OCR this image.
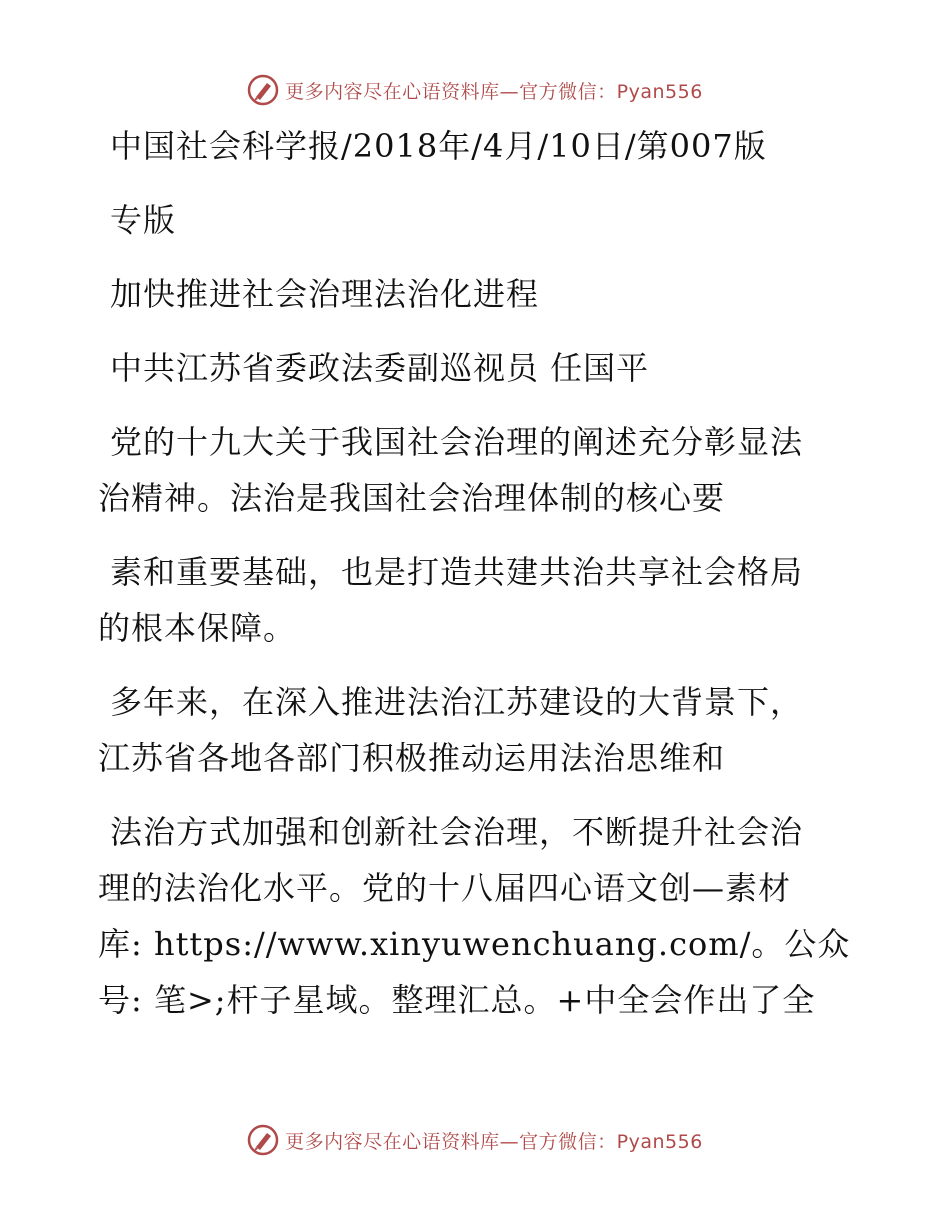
更多内容尽在心语资料库—官方微信：Pyan556
中国社会科学报/2018年/4月/10日/第007版
专版
加快推进社会治理法治化进程
中共江苏省委政法委副巡视员 任国平
党的十九大关于我国社会治理的阐述充分彰显法
治精神。法治是我国社会治理体制的核心要
素和重要基础，也是打造共建共治共享社会格局
的根本保障。
多年来，在深入推进法治江苏建设的大背景下，
江苏省各地各部门积极推动运用法治思维和
法治方式加强和创新社会治理，不断提升社会治
理的法治化水平。党的十八届四心语文创—素材
库: https://www.xinyuwenchuang.com/。公众
号: 笔>;杆子星域。整理汇总。+中全会作出了全
更多内容尽在心语资料库—官方微信：Pyan556
